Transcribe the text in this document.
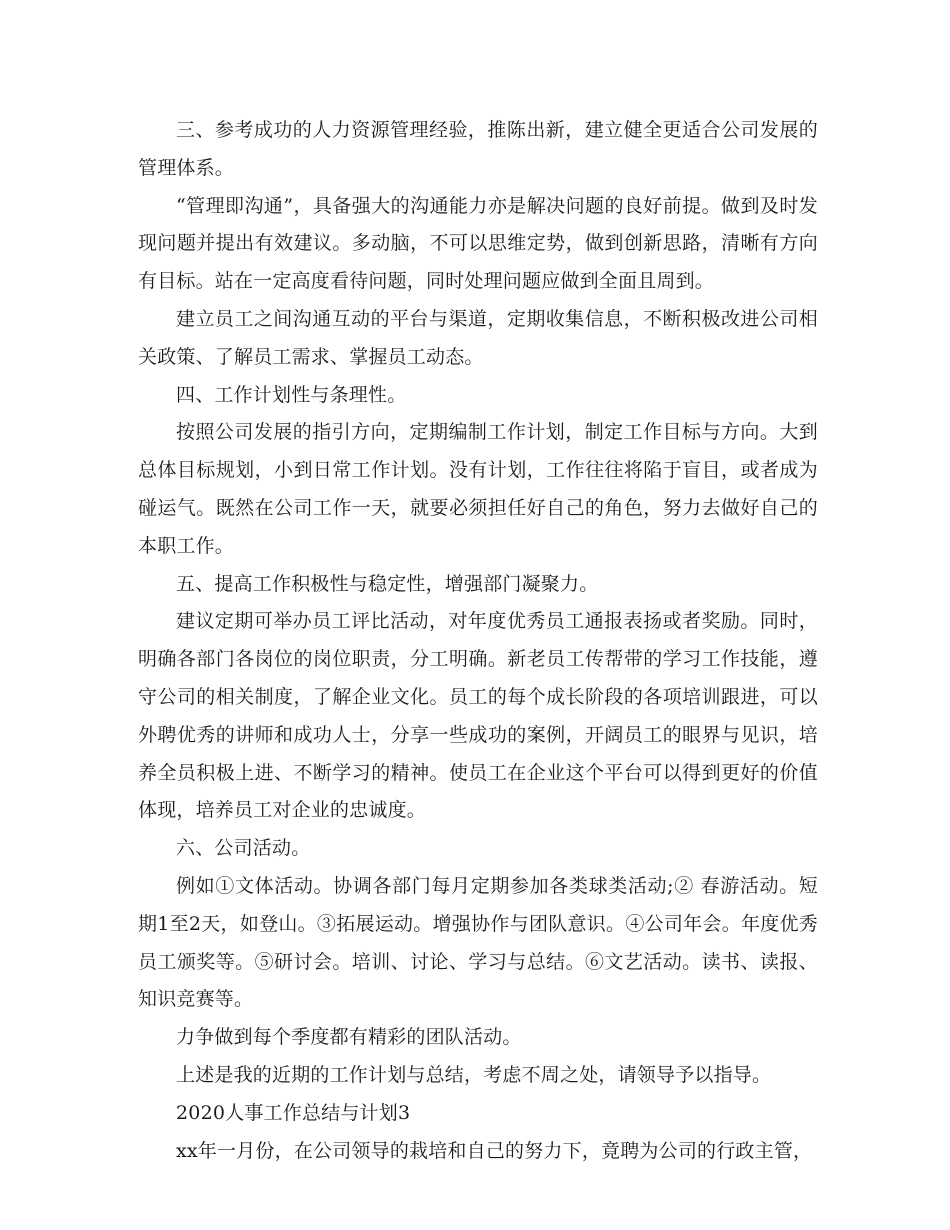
三、参考成功的人力资源管理经验，推陈出新，建立健全更适合公司发展的管理体系。

“管理即沟通”，具备强大的沟通能力亦是解决问题的良好前提。做到及时发现问题并提出有效建议。多动脑，不可以思维定势，做到创新思路，清晰有方向有目标。站在一定高度看待问题，同时处理问题应做到全面且周到。

建立员工之间沟通互动的平台与渠道，定期收集信息，不断积极改进公司相关政策、了解员工需求、掌握员工动态。

四、工作计划性与条理性。

按照公司发展的指引方向，定期编制工作计划，制定工作目标与方向。大到总体目标规划，小到日常工作计划。没有计划，工作往往将陷于盲目，或者成为碰运气。既然在公司工作一天，就要必须担任好自己的角色，努力去做好自己的本职工作。

五、提高工作积极性与稳定性，增强部门凝聚力。

建议定期可举办员工评比活动，对年度优秀员工通报表扬或者奖励。同时，明确各部门各岗位的岗位职责，分工明确。新老员工传帮带的学习工作技能，遵守公司的相关制度，了解企业文化。员工的每个成长阶段的各项培训跟进，可以外聘优秀的讲师和成功人士，分享一些成功的案例，开阔员工的眼界与见识，培养全员积极上进、不断学习的精神。使员工在企业这个平台可以得到更好的价值体现，培养员工对企业的忠诚度。

六、公司活动。

例如①文体活动。协调各部门每月定期参加各类球类活动;② 春游活动。短期1至2天，如登山。③拓展运动。增强协作与团队意识。④公司年会。年度优秀员工颁奖等。⑤研讨会。培训、讨论、学习与总结。⑥文艺活动。读书、读报、知识竞赛等。

力争做到每个季度都有精彩的团队活动。

上述是我的近期的工作计划与总结，考虑不周之处，请领导予以指导。

2020人事工作总结与计划3

xx年一月份，在公司领导的栽培和自己的努力下，竟聘为公司的行政主管，
